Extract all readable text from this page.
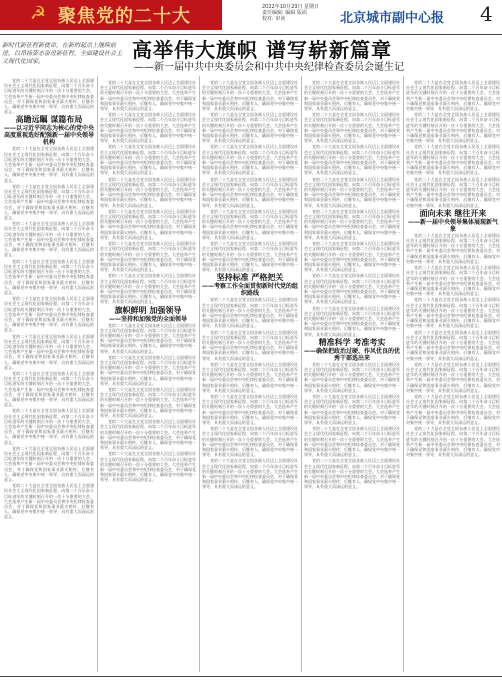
☭ 聚焦党的二十大	2022年10月23日 星期日
责任编辑: 编辑 版面
校对: 审读	北京城市副中心报 4
新时代新征程新使命，在新的起点上继续前进，以昂扬姿态奋进新征程，全面建设社会主义现代化国家。	高举伟大旗帜 谱写崭新篇章
——新一届中共中央委员会和中共中央纪律检查委员会诞生记

党的二十大是在全党全国各族人民迈上全面建设社会主义现代化国家新征程、向第二个百年奋斗目标进军的关键时刻召开的一次十分重要的大会。大会选举产生新一届中央委员会和中央纪律检查委员会，对于确保党和国家事业薪火相传、后继有人，确保党中央集中统一领导，具有重大而深远的意义。

高瞻远瞩 谋篇布局
——以习近平同志为核心的党中央高度重视选好配强新一届中央领导机构

党的二十大是在全党全国各族人民迈上全面建设社会主义现代化国家新征程、向第二个百年奋斗目标进军的关键时刻召开的一次十分重要的大会。大会选举产生新一届中央委员会和中央纪律检查委员会，对于确保党和国家事业薪火相传、后继有人，确保党中央集中统一领导，具有重大而深远的意义。

党的二十大是在全党全国各族人民迈上全面建设社会主义现代化国家新征程、向第二个百年奋斗目标进军的关键时刻召开的一次十分重要的大会。大会选举产生新一届中央委员会和中央纪律检查委员会，对于确保党和国家事业薪火相传、后继有人，确保党中央集中统一领导，具有重大而深远的意义。

党的二十大是在全党全国各族人民迈上全面建设社会主义现代化国家新征程、向第二个百年奋斗目标进军的关键时刻召开的一次十分重要的大会。大会选举产生新一届中央委员会和中央纪律检查委员会，对于确保党和国家事业薪火相传、后继有人，确保党中央集中统一领导，具有重大而深远的意义。

党的二十大是在全党全国各族人民迈上全面建设社会主义现代化国家新征程、向第二个百年奋斗目标进军的关键时刻召开的一次十分重要的大会。大会选举产生新一届中央委员会和中央纪律检查委员会，对于确保党和国家事业薪火相传、后继有人，确保党中央集中统一领导，具有重大而深远的意义。

党的二十大是在全党全国各族人民迈上全面建设社会主义现代化国家新征程、向第二个百年奋斗目标进军的关键时刻召开的一次十分重要的大会。大会选举产生新一届中央委员会和中央纪律检查委员会，对于确保党和国家事业薪火相传、后继有人，确保党中央集中统一领导，具有重大而深远的意义。

党的二十大是在全党全国各族人民迈上全面建设社会主义现代化国家新征程、向第二个百年奋斗目标进军的关键时刻召开的一次十分重要的大会。大会选举产生新一届中央委员会和中央纪律检查委员会，对于确保党和国家事业薪火相传、后继有人，确保党中央集中统一领导，具有重大而深远的意义。

党的二十大是在全党全国各族人民迈上全面建设社会主义现代化国家新征程、向第二个百年奋斗目标进军的关键时刻召开的一次十分重要的大会。大会选举产生新一届中央委员会和中央纪律检查委员会，对于确保党和国家事业薪火相传、后继有人，确保党中央集中统一领导，具有重大而深远的意义。

党的二十大是在全党全国各族人民迈上全面建设社会主义现代化国家新征程、向第二个百年奋斗目标进军的关键时刻召开的一次十分重要的大会。大会选举产生新一届中央委员会和中央纪律检查委员会，对于确保党和国家事业薪火相传、后继有人，确保党中央集中统一领导，具有重大而深远的意义。

党的二十大是在全党全国各族人民迈上全面建设社会主义现代化国家新征程、向第二个百年奋斗目标进军的关键时刻召开的一次十分重要的大会。大会选举产生新一届中央委员会和中央纪律检查委员会，对于确保党和国家事业薪火相传、后继有人，确保党中央集中统一领导，具有重大而深远的意义。

党的二十大是在全党全国各族人民迈上全面建设社会主义现代化国家新征程、向第二个百年奋斗目标进军的关键时刻召开的一次十分重要的大会。大会选举产生新一届中央委员会和中央纪律检查委员会，对于确保党和国家事业薪火相传、后继有人，确保党中央集中统一领导，具有重大而深远的意义。

党的二十大是在全党全国各族人民迈上全面建设社会主义现代化国家新征程、向第二个百年奋斗目标进军的关键时刻召开的一次十分重要的大会。大会选举产生新一届中央委员会和中央纪律检查委员会，对于确保党和国家事业薪火相传、后继有人，确保党中央集中统一领导，具有重大而深远的意义。

党的二十大是在全党全国各族人民迈上全面建设社会主义现代化国家新征程、向第二个百年奋斗目标进军的关键时刻召开的一次十分重要的大会。大会选举产生新一届中央委员会和中央纪律检查委员会，对于确保党和国家事业薪火相传、后继有人，确保党中央集中统一领导，具有重大而深远的意义。

党的二十大是在全党全国各族人民迈上全面建设社会主义现代化国家新征程、向第二个百年奋斗目标进军的关键时刻召开的一次十分重要的大会。大会选举产生新一届中央委员会和中央纪律检查委员会，对于确保党和国家事业薪火相传、后继有人，确保党中央集中统一领导，具有重大而深远的意义。

党的二十大是在全党全国各族人民迈上全面建设社会主义现代化国家新征程、向第二个百年奋斗目标进军的关键时刻召开的一次十分重要的大会。大会选举产生新一届中央委员会和中央纪律检查委员会，对于确保党和国家事业薪火相传、后继有人，确保党中央集中统一领导，具有重大而深远的意义。

党的二十大是在全党全国各族人民迈上全面建设社会主义现代化国家新征程、向第二个百年奋斗目标进军的关键时刻召开的一次十分重要的大会。大会选举产生新一届中央委员会和中央纪律检查委员会，对于确保党和国家事业薪火相传、后继有人，确保党中央集中统一领导，具有重大而深远的意义。

党的二十大是在全党全国各族人民迈上全面建设社会主义现代化国家新征程、向第二个百年奋斗目标进军的关键时刻召开的一次十分重要的大会。大会选举产生新一届中央委员会和中央纪律检查委员会，对于确保党和国家事业薪火相传、后继有人，确保党中央集中统一领导，具有重大而深远的意义。

党的二十大是在全党全国各族人民迈上全面建设社会主义现代化国家新征程、向第二个百年奋斗目标进军的关键时刻召开的一次十分重要的大会。大会选举产生新一届中央委员会和中央纪律检查委员会，对于确保党和国家事业薪火相传、后继有人，确保党中央集中统一领导，具有重大而深远的意义。

旗帜鲜明 加强领导
——坚持和加强党的全面领导

党的二十大是在全党全国各族人民迈上全面建设社会主义现代化国家新征程、向第二个百年奋斗目标进军的关键时刻召开的一次十分重要的大会。大会选举产生新一届中央委员会和中央纪律检查委员会，对于确保党和国家事业薪火相传、后继有人，确保党中央集中统一领导，具有重大而深远的意义。

党的二十大是在全党全国各族人民迈上全面建设社会主义现代化国家新征程、向第二个百年奋斗目标进军的关键时刻召开的一次十分重要的大会。大会选举产生新一届中央委员会和中央纪律检查委员会，对于确保党和国家事业薪火相传、后继有人，确保党中央集中统一领导，具有重大而深远的意义。

党的二十大是在全党全国各族人民迈上全面建设社会主义现代化国家新征程、向第二个百年奋斗目标进军的关键时刻召开的一次十分重要的大会。大会选举产生新一届中央委员会和中央纪律检查委员会，对于确保党和国家事业薪火相传、后继有人，确保党中央集中统一领导，具有重大而深远的意义。

党的二十大是在全党全国各族人民迈上全面建设社会主义现代化国家新征程、向第二个百年奋斗目标进军的关键时刻召开的一次十分重要的大会。大会选举产生新一届中央委员会和中央纪律检查委员会，对于确保党和国家事业薪火相传、后继有人，确保党中央集中统一领导，具有重大而深远的意义。

党的二十大是在全党全国各族人民迈上全面建设社会主义现代化国家新征程、向第二个百年奋斗目标进军的关键时刻召开的一次十分重要的大会。大会选举产生新一届中央委员会和中央纪律检查委员会，对于确保党和国家事业薪火相传、后继有人，确保党中央集中统一领导，具有重大而深远的意义。

党的二十大是在全党全国各族人民迈上全面建设社会主义现代化国家新征程、向第二个百年奋斗目标进军的关键时刻召开的一次十分重要的大会。大会选举产生新一届中央委员会和中央纪律检查委员会，对于确保党和国家事业薪火相传、后继有人，确保党中央集中统一领导，具有重大而深远的意义。

党的二十大是在全党全国各族人民迈上全面建设社会主义现代化国家新征程、向第二个百年奋斗目标进军的关键时刻召开的一次十分重要的大会。大会选举产生新一届中央委员会和中央纪律检查委员会，对于确保党和国家事业薪火相传、后继有人，确保党中央集中统一领导，具有重大而深远的意义。

党的二十大是在全党全国各族人民迈上全面建设社会主义现代化国家新征程、向第二个百年奋斗目标进军的关键时刻召开的一次十分重要的大会。大会选举产生新一届中央委员会和中央纪律检查委员会，对于确保党和国家事业薪火相传、后继有人，确保党中央集中统一领导，具有重大而深远的意义。

党的二十大是在全党全国各族人民迈上全面建设社会主义现代化国家新征程、向第二个百年奋斗目标进军的关键时刻召开的一次十分重要的大会。大会选举产生新一届中央委员会和中央纪律检查委员会，对于确保党和国家事业薪火相传、后继有人，确保党中央集中统一领导，具有重大而深远的意义。

党的二十大是在全党全国各族人民迈上全面建设社会主义现代化国家新征程、向第二个百年奋斗目标进军的关键时刻召开的一次十分重要的大会。大会选举产生新一届中央委员会和中央纪律检查委员会，对于确保党和国家事业薪火相传、后继有人，确保党中央集中统一领导，具有重大而深远的意义。

党的二十大是在全党全国各族人民迈上全面建设社会主义现代化国家新征程、向第二个百年奋斗目标进军的关键时刻召开的一次十分重要的大会。大会选举产生新一届中央委员会和中央纪律检查委员会，对于确保党和国家事业薪火相传、后继有人，确保党中央集中统一领导，具有重大而深远的意义。

坚持标准 严格把关
——考察工作全面贯彻新时代党的组织路线

党的二十大是在全党全国各族人民迈上全面建设社会主义现代化国家新征程、向第二个百年奋斗目标进军的关键时刻召开的一次十分重要的大会。大会选举产生新一届中央委员会和中央纪律检查委员会，对于确保党和国家事业薪火相传、后继有人，确保党中央集中统一领导，具有重大而深远的意义。

党的二十大是在全党全国各族人民迈上全面建设社会主义现代化国家新征程、向第二个百年奋斗目标进军的关键时刻召开的一次十分重要的大会。大会选举产生新一届中央委员会和中央纪律检查委员会，对于确保党和国家事业薪火相传、后继有人，确保党中央集中统一领导，具有重大而深远的意义。

党的二十大是在全党全国各族人民迈上全面建设社会主义现代化国家新征程、向第二个百年奋斗目标进军的关键时刻召开的一次十分重要的大会。大会选举产生新一届中央委员会和中央纪律检查委员会，对于确保党和国家事业薪火相传、后继有人，确保党中央集中统一领导，具有重大而深远的意义。

党的二十大是在全党全国各族人民迈上全面建设社会主义现代化国家新征程、向第二个百年奋斗目标进军的关键时刻召开的一次十分重要的大会。大会选举产生新一届中央委员会和中央纪律检查委员会，对于确保党和国家事业薪火相传、后继有人，确保党中央集中统一领导，具有重大而深远的意义。

党的二十大是在全党全国各族人民迈上全面建设社会主义现代化国家新征程、向第二个百年奋斗目标进军的关键时刻召开的一次十分重要的大会。大会选举产生新一届中央委员会和中央纪律检查委员会，对于确保党和国家事业薪火相传、后继有人，确保党中央集中统一领导，具有重大而深远的意义。

党的二十大是在全党全国各族人民迈上全面建设社会主义现代化国家新征程、向第二个百年奋斗目标进军的关键时刻召开的一次十分重要的大会。大会选举产生新一届中央委员会和中央纪律检查委员会，对于确保党和国家事业薪火相传、后继有人，确保党中央集中统一领导，具有重大而深远的意义。

党的二十大是在全党全国各族人民迈上全面建设社会主义现代化国家新征程、向第二个百年奋斗目标进军的关键时刻召开的一次十分重要的大会。大会选举产生新一届中央委员会和中央纪律检查委员会，对于确保党和国家事业薪火相传、后继有人，确保党中央集中统一领导，具有重大而深远的意义。

党的二十大是在全党全国各族人民迈上全面建设社会主义现代化国家新征程、向第二个百年奋斗目标进军的关键时刻召开的一次十分重要的大会。大会选举产生新一届中央委员会和中央纪律检查委员会，对于确保党和国家事业薪火相传、后继有人，确保党中央集中统一领导，具有重大而深远的意义。

党的二十大是在全党全国各族人民迈上全面建设社会主义现代化国家新征程、向第二个百年奋斗目标进军的关键时刻召开的一次十分重要的大会。大会选举产生新一届中央委员会和中央纪律检查委员会，对于确保党和国家事业薪火相传、后继有人，确保党中央集中统一领导，具有重大而深远的意义。

党的二十大是在全党全国各族人民迈上全面建设社会主义现代化国家新征程、向第二个百年奋斗目标进军的关键时刻召开的一次十分重要的大会。大会选举产生新一届中央委员会和中央纪律检查委员会，对于确保党和国家事业薪火相传、后继有人，确保党中央集中统一领导，具有重大而深远的意义。

党的二十大是在全党全国各族人民迈上全面建设社会主义现代化国家新征程、向第二个百年奋斗目标进军的关键时刻召开的一次十分重要的大会。大会选举产生新一届中央委员会和中央纪律检查委员会，对于确保党和国家事业薪火相传、后继有人，确保党中央集中统一领导，具有重大而深远的意义。

党的二十大是在全党全国各族人民迈上全面建设社会主义现代化国家新征程、向第二个百年奋斗目标进军的关键时刻召开的一次十分重要的大会。大会选举产生新一届中央委员会和中央纪律检查委员会，对于确保党和国家事业薪火相传、后继有人，确保党中央集中统一领导，具有重大而深远的意义。

党的二十大是在全党全国各族人民迈上全面建设社会主义现代化国家新征程、向第二个百年奋斗目标进军的关键时刻召开的一次十分重要的大会。大会选举产生新一届中央委员会和中央纪律检查委员会，对于确保党和国家事业薪火相传、后继有人，确保党中央集中统一领导，具有重大而深远的意义。

党的二十大是在全党全国各族人民迈上全面建设社会主义现代化国家新征程、向第二个百年奋斗目标进军的关键时刻召开的一次十分重要的大会。大会选举产生新一届中央委员会和中央纪律检查委员会，对于确保党和国家事业薪火相传、后继有人，确保党中央集中统一领导，具有重大而深远的意义。

精准科学 考准考实
——确保把政治过硬、作风优良的优秀干部选出来

党的二十大是在全党全国各族人民迈上全面建设社会主义现代化国家新征程、向第二个百年奋斗目标进军的关键时刻召开的一次十分重要的大会。大会选举产生新一届中央委员会和中央纪律检查委员会，对于确保党和国家事业薪火相传、后继有人，确保党中央集中统一领导，具有重大而深远的意义。

党的二十大是在全党全国各族人民迈上全面建设社会主义现代化国家新征程、向第二个百年奋斗目标进军的关键时刻召开的一次十分重要的大会。大会选举产生新一届中央委员会和中央纪律检查委员会，对于确保党和国家事业薪火相传、后继有人，确保党中央集中统一领导，具有重大而深远的意义。

党的二十大是在全党全国各族人民迈上全面建设社会主义现代化国家新征程、向第二个百年奋斗目标进军的关键时刻召开的一次十分重要的大会。大会选举产生新一届中央委员会和中央纪律检查委员会，对于确保党和国家事业薪火相传、后继有人，确保党中央集中统一领导，具有重大而深远的意义。

党的二十大是在全党全国各族人民迈上全面建设社会主义现代化国家新征程、向第二个百年奋斗目标进军的关键时刻召开的一次十分重要的大会。大会选举产生新一届中央委员会和中央纪律检查委员会，对于确保党和国家事业薪火相传、后继有人，确保党中央集中统一领导，具有重大而深远的意义。

党的二十大是在全党全国各族人民迈上全面建设社会主义现代化国家新征程、向第二个百年奋斗目标进军的关键时刻召开的一次十分重要的大会。大会选举产生新一届中央委员会和中央纪律检查委员会，对于确保党和国家事业薪火相传、后继有人，确保党中央集中统一领导，具有重大而深远的意义。

党的二十大是在全党全国各族人民迈上全面建设社会主义现代化国家新征程、向第二个百年奋斗目标进军的关键时刻召开的一次十分重要的大会。大会选举产生新一届中央委员会和中央纪律检查委员会，对于确保党和国家事业薪火相传、后继有人，确保党中央集中统一领导，具有重大而深远的意义。

党的二十大是在全党全国各族人民迈上全面建设社会主义现代化国家新征程、向第二个百年奋斗目标进军的关键时刻召开的一次十分重要的大会。大会选举产生新一届中央委员会和中央纪律检查委员会，对于确保党和国家事业薪火相传、后继有人，确保党中央集中统一领导，具有重大而深远的意义。

党的二十大是在全党全国各族人民迈上全面建设社会主义现代化国家新征程、向第二个百年奋斗目标进军的关键时刻召开的一次十分重要的大会。大会选举产生新一届中央委员会和中央纪律检查委员会，对于确保党和国家事业薪火相传、后继有人，确保党中央集中统一领导，具有重大而深远的意义。

面向未来 继往开来
——新一届中央领导集体展现新气象

党的二十大是在全党全国各族人民迈上全面建设社会主义现代化国家新征程、向第二个百年奋斗目标进军的关键时刻召开的一次十分重要的大会。大会选举产生新一届中央委员会和中央纪律检查委员会，对于确保党和国家事业薪火相传、后继有人，确保党中央集中统一领导，具有重大而深远的意义。

党的二十大是在全党全国各族人民迈上全面建设社会主义现代化国家新征程、向第二个百年奋斗目标进军的关键时刻召开的一次十分重要的大会。大会选举产生新一届中央委员会和中央纪律检查委员会，对于确保党和国家事业薪火相传、后继有人，确保党中央集中统一领导，具有重大而深远的意义。

党的二十大是在全党全国各族人民迈上全面建设社会主义现代化国家新征程、向第二个百年奋斗目标进军的关键时刻召开的一次十分重要的大会。大会选举产生新一届中央委员会和中央纪律检查委员会，对于确保党和国家事业薪火相传、后继有人，确保党中央集中统一领导，具有重大而深远的意义。

党的二十大是在全党全国各族人民迈上全面建设社会主义现代化国家新征程、向第二个百年奋斗目标进军的关键时刻召开的一次十分重要的大会。大会选举产生新一届中央委员会和中央纪律检查委员会，对于确保党和国家事业薪火相传、后继有人，确保党中央集中统一领导，具有重大而深远的意义。

党的二十大是在全党全国各族人民迈上全面建设社会主义现代化国家新征程、向第二个百年奋斗目标进军的关键时刻召开的一次十分重要的大会。大会选举产生新一届中央委员会和中央纪律检查委员会，对于确保党和国家事业薪火相传、后继有人，确保党中央集中统一领导，具有重大而深远的意义。

党的二十大是在全党全国各族人民迈上全面建设社会主义现代化国家新征程、向第二个百年奋斗目标进军的关键时刻召开的一次十分重要的大会。大会选举产生新一届中央委员会和中央纪律检查委员会，对于确保党和国家事业薪火相传、后继有人，确保党中央集中统一领导，具有重大而深远的意义。

党的二十大是在全党全国各族人民迈上全面建设社会主义现代化国家新征程、向第二个百年奋斗目标进军的关键时刻召开的一次十分重要的大会。大会选举产生新一届中央委员会和中央纪律检查委员会，对于确保党和国家事业薪火相传、后继有人，确保党中央集中统一领导，具有重大而深远的意义。
